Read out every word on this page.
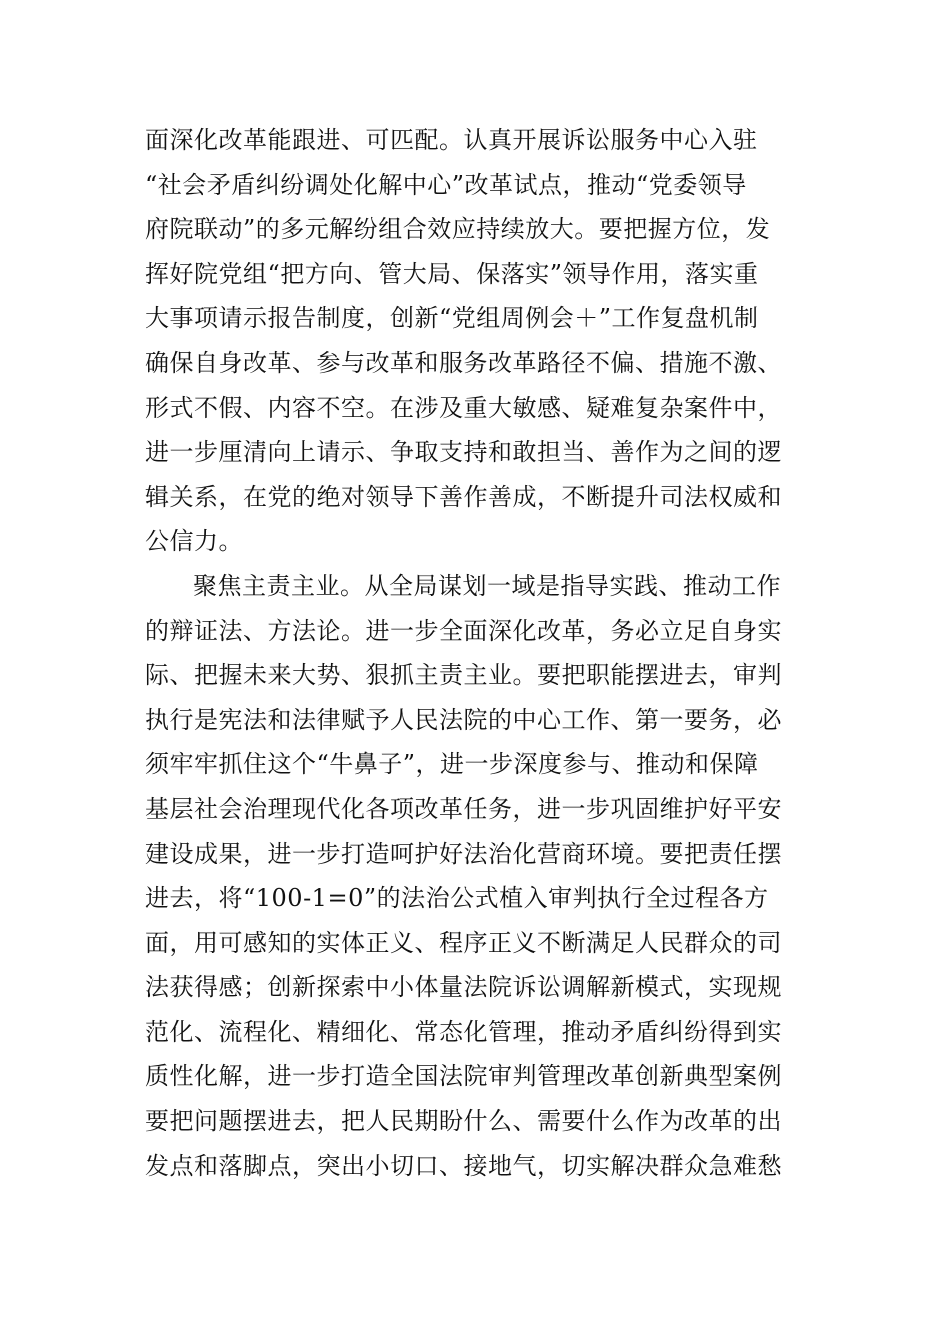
面深化改革能跟进、可匹配。认真开展诉讼服务中心入驻
“社会矛盾纠纷调处化解中心”改革试点，推动“党委领导
府院联动”的多元解纷组合效应持续放大。要把握方位，发
挥好院党组“把方向、管大局、保落实”领导作用，落实重
大事项请示报告制度，创新“党组周例会＋”工作复盘机制
确保自身改革、参与改革和服务改革路径不偏、措施不激、
形式不假、内容不空。在涉及重大敏感、疑难复杂案件中，
进一步厘清向上请示、争取支持和敢担当、善作为之间的逻
辑关系，在党的绝对领导下善作善成，不断提升司法权威和
公信力。
聚焦主责主业。从全局谋划一域是指导实践、推动工作
的辩证法、方法论。进一步全面深化改革，务必立足自身实
际、把握未来大势、狠抓主责主业。要把职能摆进去，审判
执行是宪法和法律赋予人民法院的中心工作、第一要务，必
须牢牢抓住这个“牛鼻子”，进一步深度参与、推动和保障
基层社会治理现代化各项改革任务，进一步巩固维护好平安
建设成果，进一步打造呵护好法治化营商环境。要把责任摆
进去，将“100-1=0”的法治公式植入审判执行全过程各方
面，用可感知的实体正义、程序正义不断满足人民群众的司
法获得感；创新探索中小体量法院诉讼调解新模式，实现规
范化、流程化、精细化、常态化管理，推动矛盾纠纷得到实
质性化解，进一步打造全国法院审判管理改革创新典型案例
要把问题摆进去，把人民期盼什么、需要什么作为改革的出
发点和落脚点，突出小切口、接地气，切实解决群众急难愁
